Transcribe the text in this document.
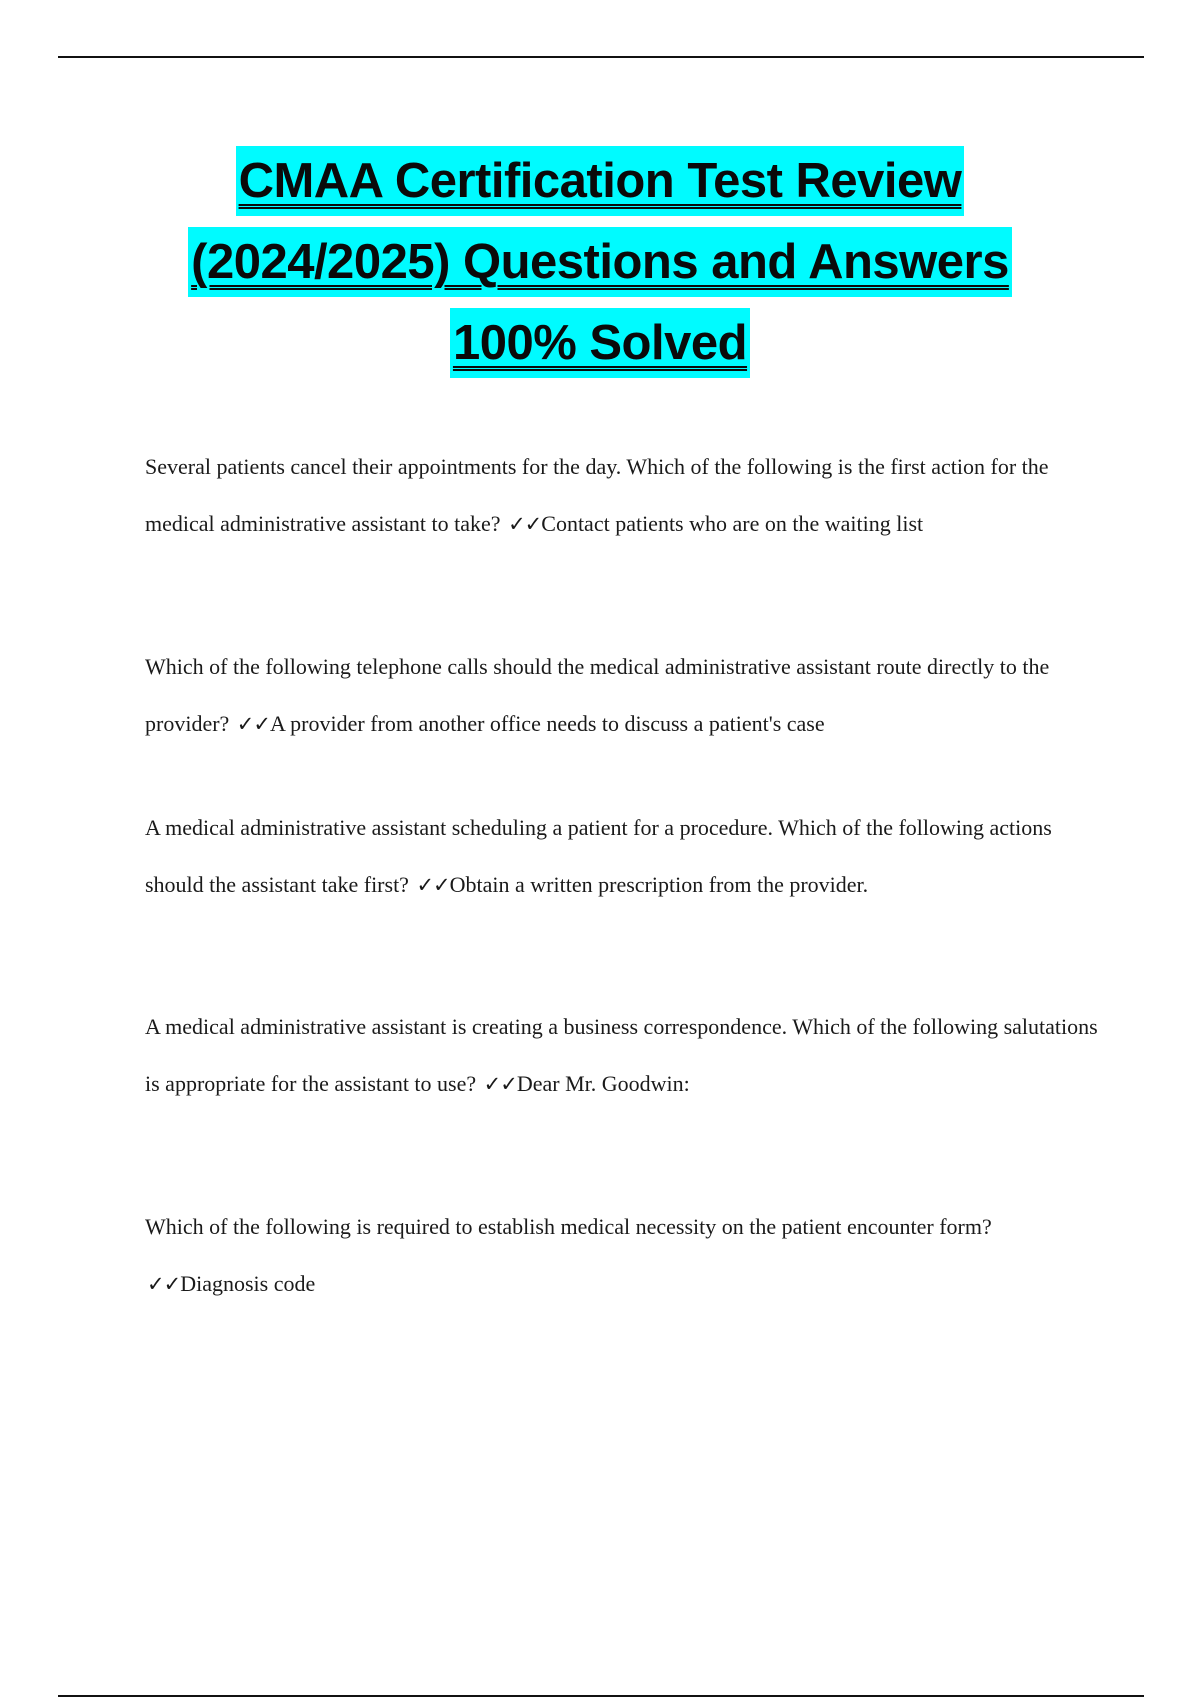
CMAA Certification Test Review
(2024/2025) Questions and Answers
100% Solved

Several patients cancel their appointments for the day. Which of the following is the first action for the medical administrative assistant to take? ✓✓Contact patients who are on the waiting list

Which of the following telephone calls should the medical administrative assistant route directly to the provider? ✓✓A provider from another office needs to discuss a patient's case

A medical administrative assistant scheduling a patient for a procedure. Which of the following actions should the assistant take first? ✓✓Obtain a written prescription from the provider.

A medical administrative assistant is creating a business correspondence. Which of the following salutations is appropriate for the assistant to use? ✓✓Dear Mr. Goodwin:

Which of the following is required to establish medical necessity on the patient encounter form? ✓✓Diagnosis code
